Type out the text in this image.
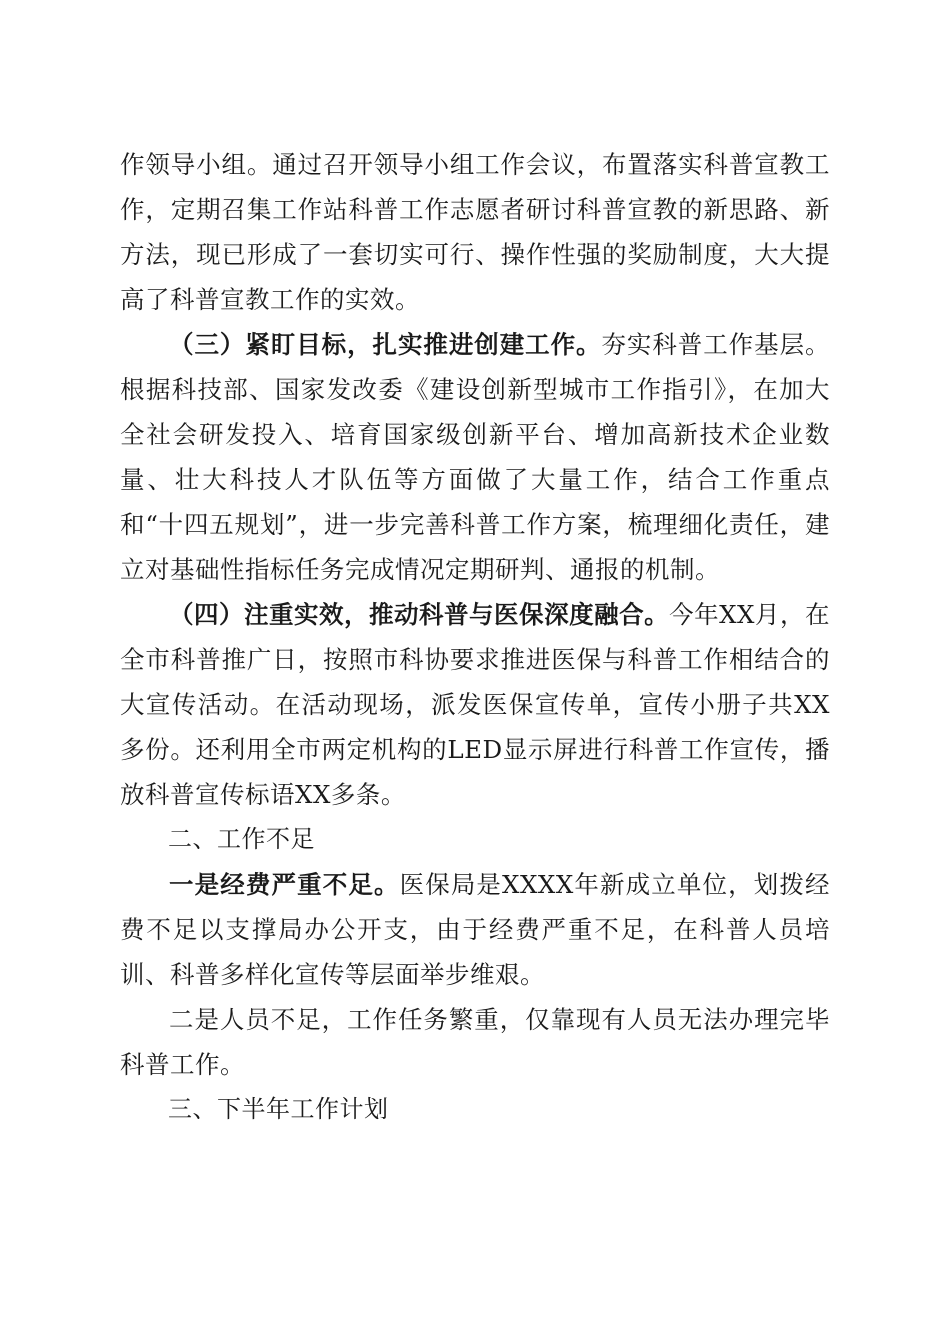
作领导小组。通过召开领导小组工作会议，布置落实科普宣教工作，定期召集工作站科普工作志愿者研讨科普宣教的新思路、新方法，现已形成了一套切实可行、操作性强的奖励制度，大大提高了科普宣教工作的实效。

（三）紧盯目标，扎实推进创建工作。夯实科普工作基层。根据科技部、国家发改委《建设创新型城市工作指引》，在加大全社会研发投入、培育国家级创新平台、增加高新技术企业数量、壮大科技人才队伍等方面做了大量工作，结合工作重点和“十四五规划”，进一步完善科普工作方案，梳理细化责任，建立对基础性指标任务完成情况定期研判、通报的机制。

（四）注重实效，推动科普与医保深度融合。今年XX月，在全市科普推广日，按照市科协要求推进医保与科普工作相结合的大宣传活动。在活动现场，派发医保宣传单，宣传小册子共XX多份。还利用全市两定机构的LED显示屏进行科普工作宣传，播放科普宣传标语XX多条。

二、工作不足

一是经费严重不足。医保局是XXXX年新成立单位，划拨经费不足以支撑局办公开支，由于经费严重不足，在科普人员培训、科普多样化宣传等层面举步维艰。

二是人员不足，工作任务繁重，仅靠现有人员无法办理完毕科普工作。

三、下半年工作计划
